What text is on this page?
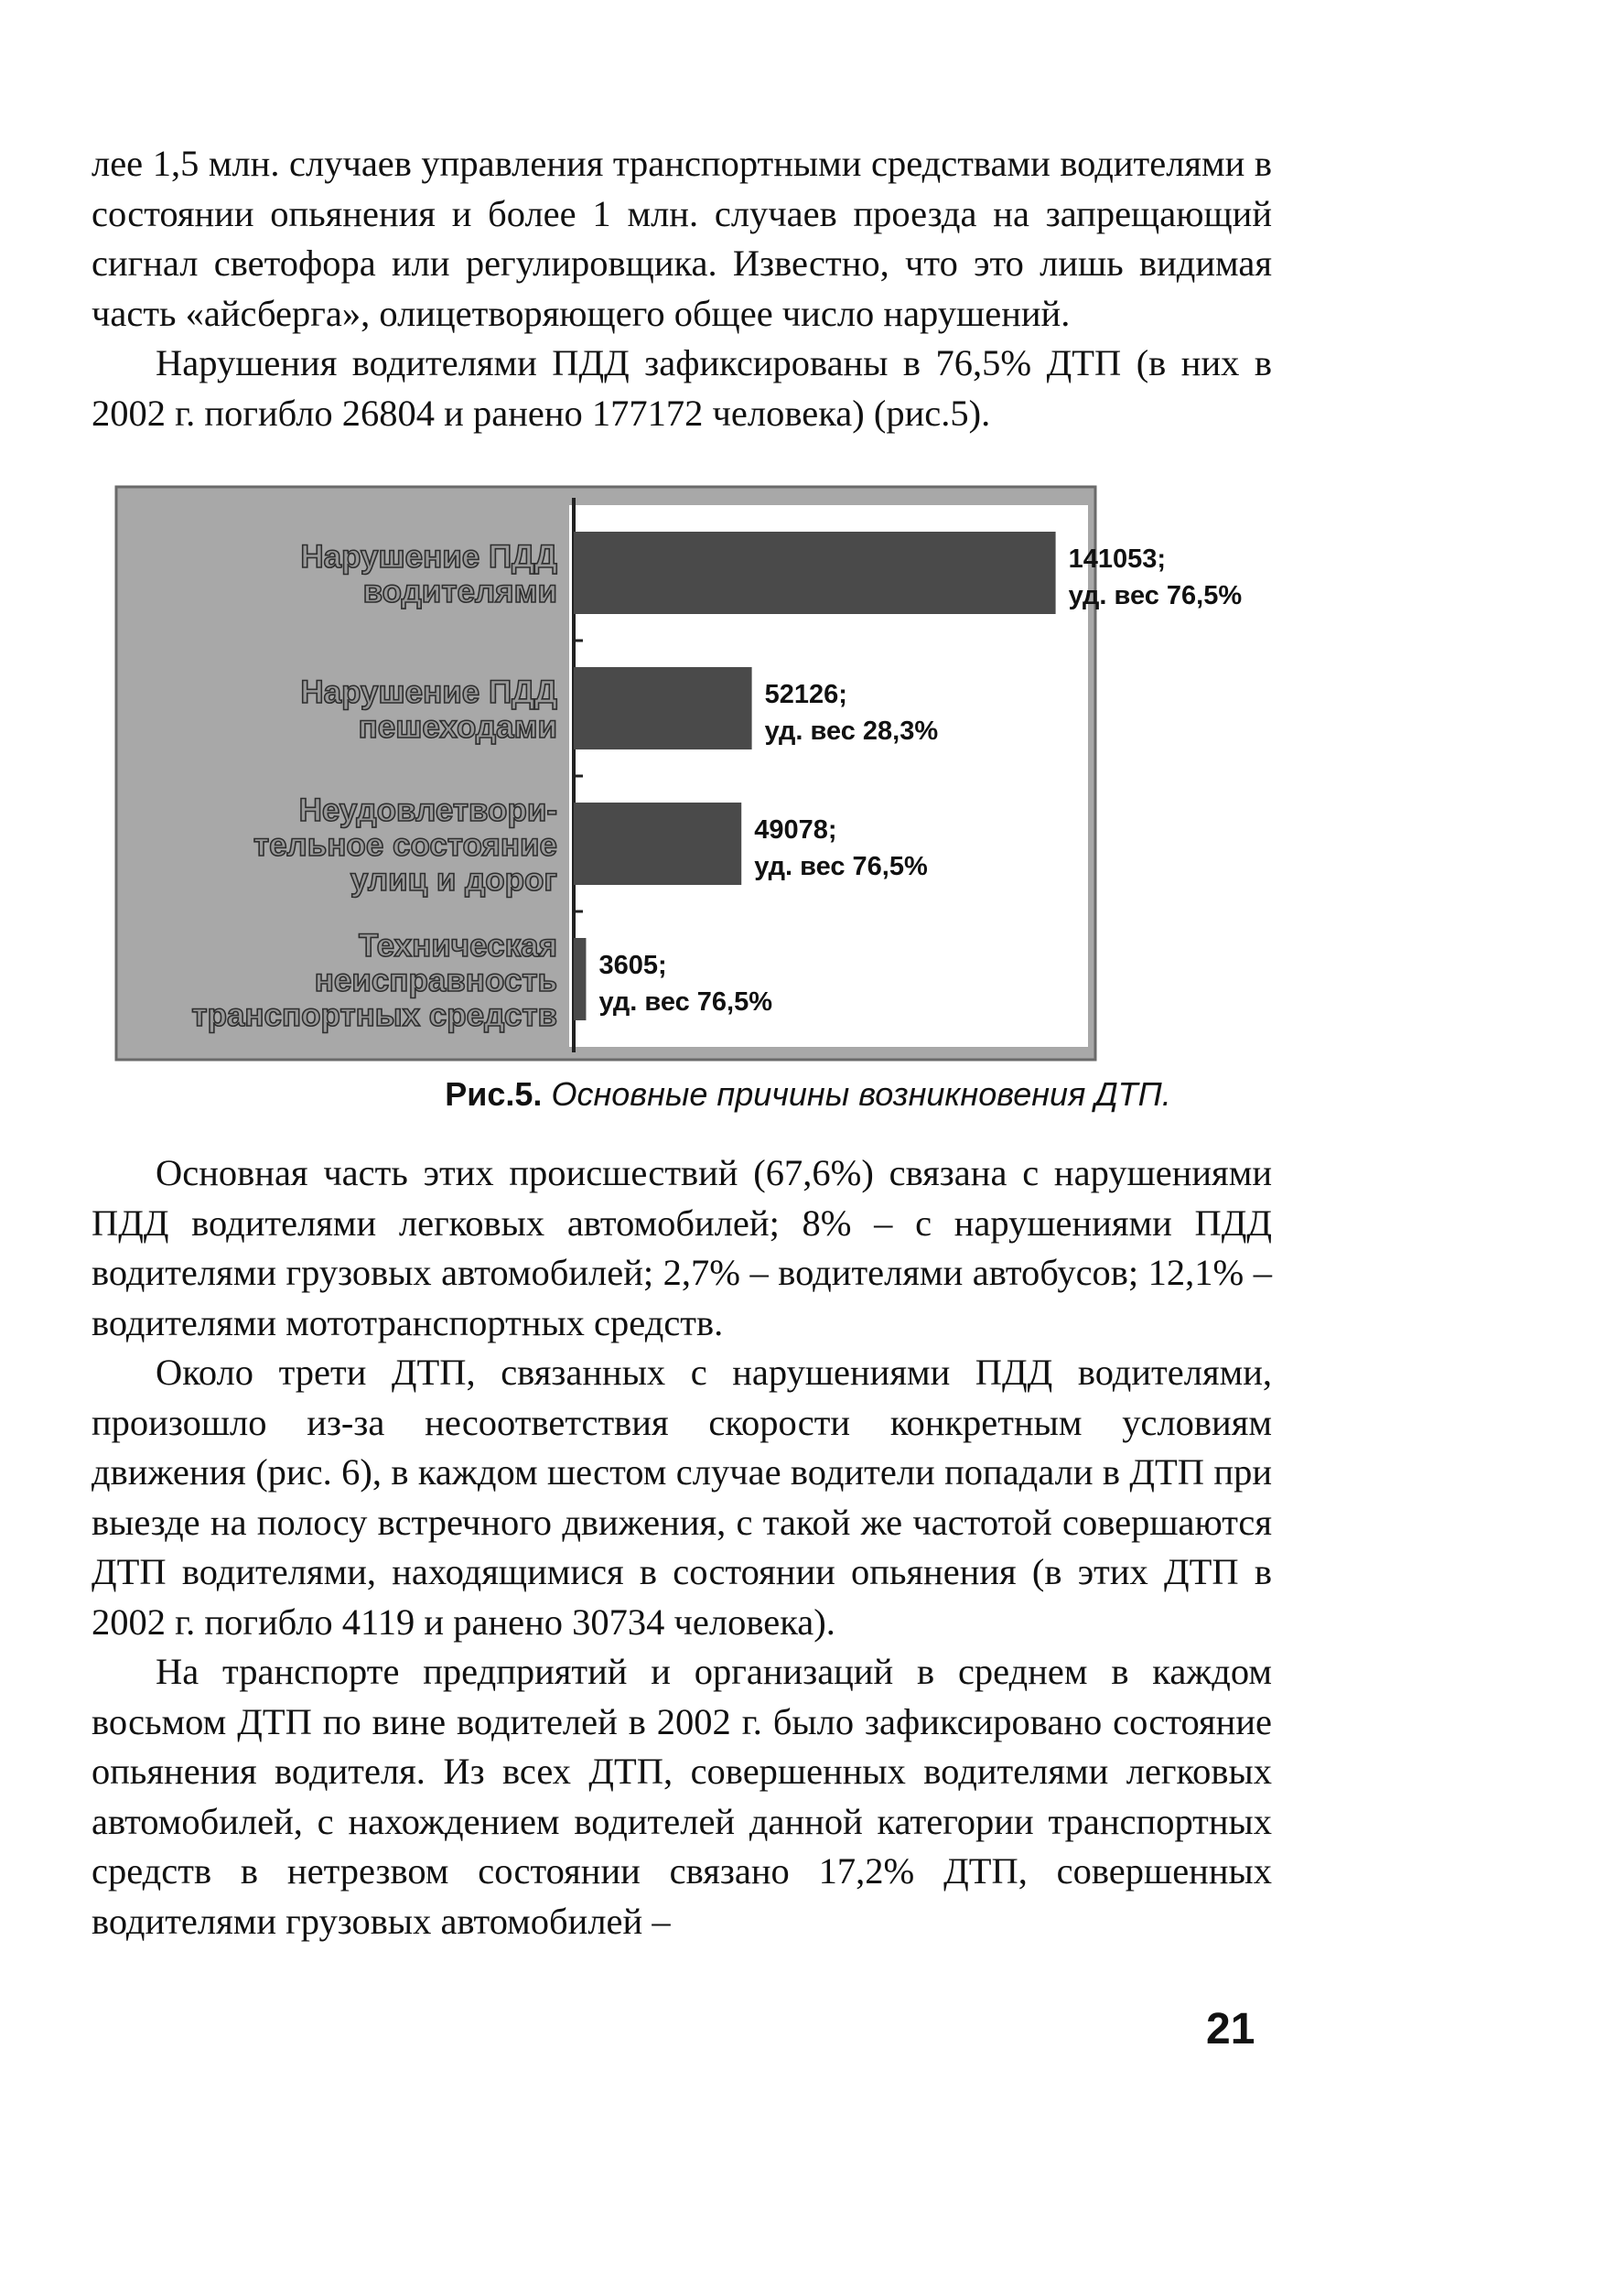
лее 1,5 млн. случаев управления транспортными средствами водителями в состоянии опьянения и более 1 млн. случаев проезда на запрещающий сигнал светофора или регулировщика. Известно, что это лишь видимая часть «айсберга», олицетворяющего общее число нарушений.

Нарушения водителями ПДД зафиксированы в 76,5% ДТП (в них в 2002 г. погибло 26804 и ранено 177172 человека) (рис.5).

Нарушение ПДД
водителями
141053;
уд. вес 76,5%
Нарушение ПДД
пешеходами
52126;
уд. вес 28,3%
Неудовлетвори-
тельное состояние
улиц и дорог
49078;
уд. вес 76,5%
Техническая
неисправность
транспортных средств
3605;
уд. вес 76,5%
Рис.5. Основные причины возникновения ДТП.

Основная часть этих происшествий (67,6%) связана с нарушениями ПДД водителями легковых автомобилей; 8% – с нарушениями ПДД водителями грузовых автомобилей; 2,7% – водителями автобусов; 12,1% – водителями мототранспортных средств.

Около трети ДТП, связанных с нарушениями ПДД водителями, произошло из-за несоответствия скорости конкретным условиям движения (рис. 6), в каждом шестом случае водители попадали в ДТП при выезде на полосу встречного движения, с такой же частотой совершаются ДТП водителями, находящимися в состоянии опьянения (в этих ДТП в 2002 г. погибло 4119 и ранено 30734 человека).

На транспорте предприятий и организаций в среднем в каждом восьмом ДТП по вине водителей в 2002 г. было зафиксировано состояние опьянения водителя. Из всех ДТП, совершенных водителями легковых автомобилей, с нахождением водителей данной категории транспортных средств в нетрезвом состоянии связано 17,2% ДТП, совершенных водителями грузовых автомобилей –

21
